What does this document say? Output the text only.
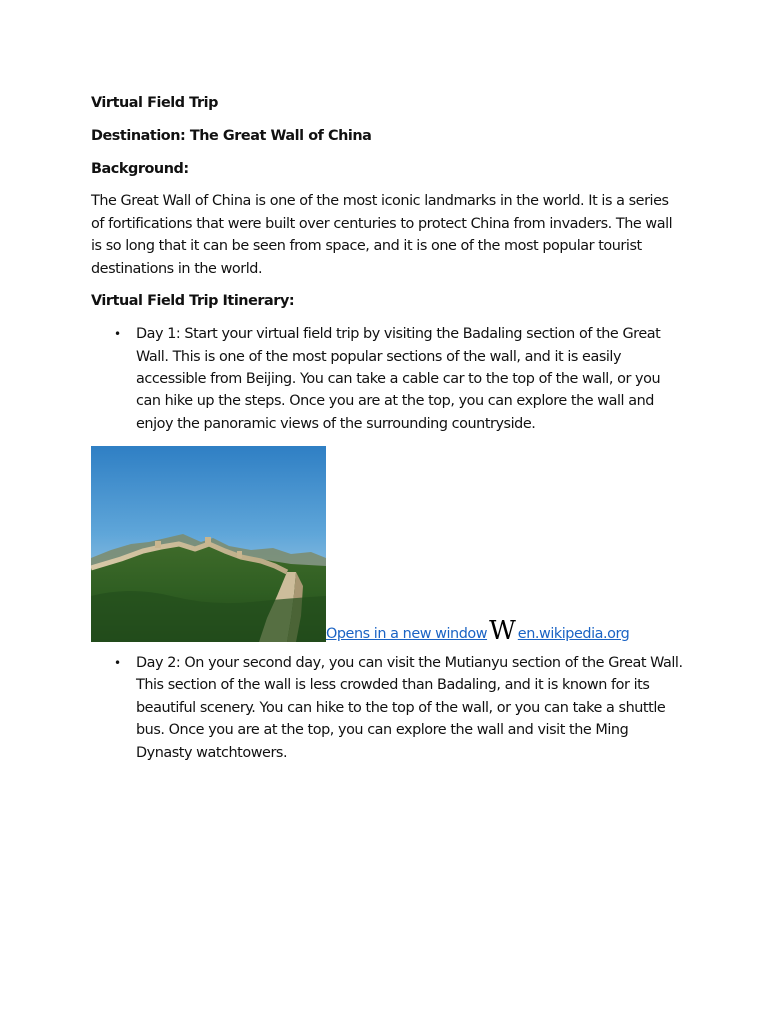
Virtual Field Trip
Destination: The Great Wall of China
Background:

The Great Wall of China is one of the most iconic landmarks in the world. It is a series of fortifications that were built over centuries to protect China from invaders. The wall is so long that it can be seen from space, and it is one of the most popular tourist destinations in the world.

Virtual Field Trip Itinerary:
• Day 1: Start your virtual field trip by visiting the Badaling section of the Great Wall. This is one of the most popular sections of the wall, and it is easily accessible from Beijing. You can take a cable car to the top of the wall, or you can hike up the steps. Once you are at the top, you can explore the wall and enjoy the panoramic views of the surrounding countryside.
Opens in a new window W en.wikipedia.org
• Day 2: On your second day, you can visit the Mutianyu section of the Great Wall. This section of the wall is less crowded than Badaling, and it is known for its beautiful scenery. You can hike to the top of the wall, or you can take a shuttle bus. Once you are at the top, you can explore the wall and visit the Ming Dynasty watchtowers.
